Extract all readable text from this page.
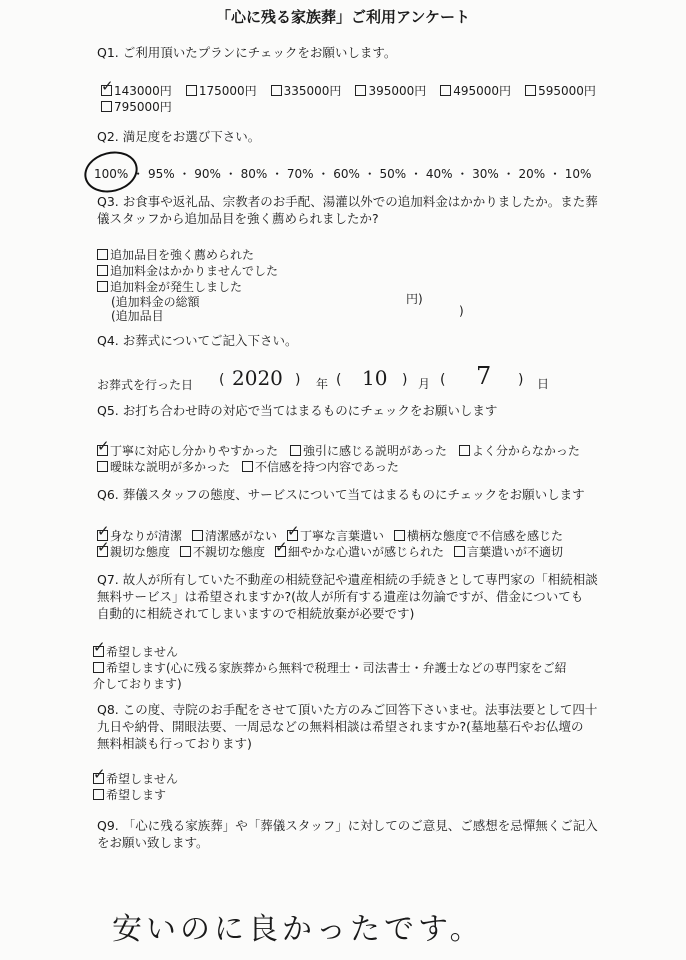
「心に残る家族葬」ご利用アンケート
Q1. ご利用頂いたプランにチェックをお願いします。
✓143000円 175000円 335000円 395000円 495000円 595000円
795000円
Q2. 満足度をお選び下さい。
100% ・ 95% ・ 90% ・ 80% ・ 70% ・ 60% ・ 50% ・ 40% ・ 30% ・ 20% ・ 10%
Q3. お食事や返礼品、宗教者のお手配、湯灌以外での追加料金はかかりましたか。また葬
儀スタッフから追加品目を強く薦められましたか?
追加品目を強く薦められた
追加料金はかかりませんでした
追加料金が発生しました
(追加料金の総額	円)
(追加品目	)
Q4. お葬式についてご記入下さい。
お葬式を行った日 ( 2020 ) 年 ( 10 ) 月 ( 7 ) 日
Q5. お打ち合わせ時の対応で当てはまるものにチェックをお願いします
✓丁寧に対応し分かりやすかった 強引に感じる説明があった よく分からなかった
曖昧な説明が多かった 不信感を持つ内容であった
Q6. 葬儀スタッフの態度、サービスについて当てはまるものにチェックをお願いします
✓身なりが清潔 清潔感がない ✓ 丁寧な言葉遣い 横柄な態度で不信感を感じた
✓親切な態度 不親切な態度 ✓ 細やかな心遣いが感じられた 言葉遣いが不適切
Q7. 故人が所有していた不動産の相続登記や遺産相続の手続きとして専門家の「相続相談
無料サービス」は希望されますか?(故人が所有する遺産は勿論ですが、借金についても
自動的に相続されてしまいますので相続放棄が必要です)
✓希望しません
希望します(心に残る家族葬から無料で税理士・司法書士・弁護士などの専門家をご紹
介しております)
Q8. この度、寺院のお手配をさせて頂いた方のみご回答下さいませ。法事法要として四十
九日や納骨、開眼法要、一周忌などの無料相談は希望されますか?(墓地墓石やお仏壇の
無料相談も行っております)
✓希望しません
希望します
Q9. 「心に残る家族葬」や「葬儀スタッフ」に対してのご意見、ご感想を忌憚無くご記入
をお願い致します。
安いのに良かったです。
